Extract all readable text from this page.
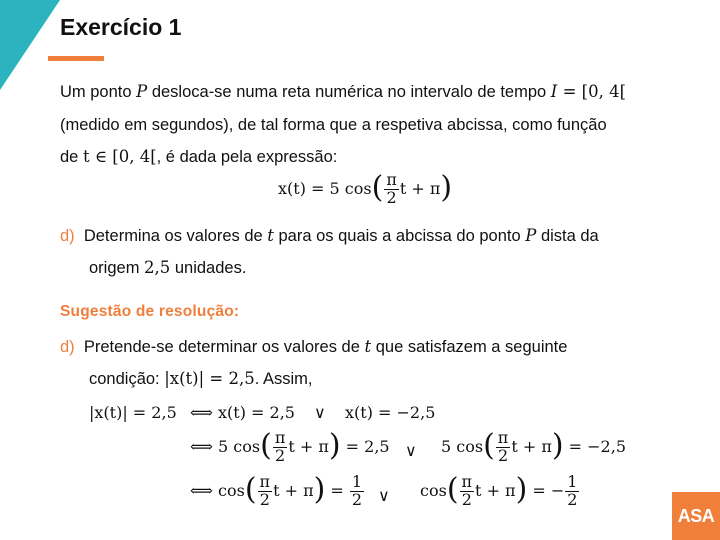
Exercício 1
Um ponto P desloca-se numa reta numérica no intervalo de tempo I = [0, 4[
(medido em segundos), de tal forma que a respetiva abcissa, como função
de t ∈ [0, 4[, é dada pela expressão:
x(t) = 5 $\cos( \frac{\pi}{2}$ t + π)
d) Determina os valores de t para os quais a abcissa do ponto P dista da
origem 2,5 unidades.
Sugestão de resolução:
d) Pretende-se determinar os valores de t que satisfazem a seguinte
condição: |x(t)| = 2,5. Assim,
|x(t)| = 2,5 ⟺ x(t) = 2,5 ∨ x(t) = −2,5
⟺ 5 $\cos( \frac{\pi}{2}$ t + π) = 2,5 ∨ 5 $\cos( \frac{\pi}{2}$ t + π) = −2,5
⟺ $\cos( \frac{\pi}{2}$ $t + \pi) = \frac{1}{2}$ ∨ $\cos( \frac{\pi}{2}$ t + π) = − $\frac{1}{2}$
ASA
